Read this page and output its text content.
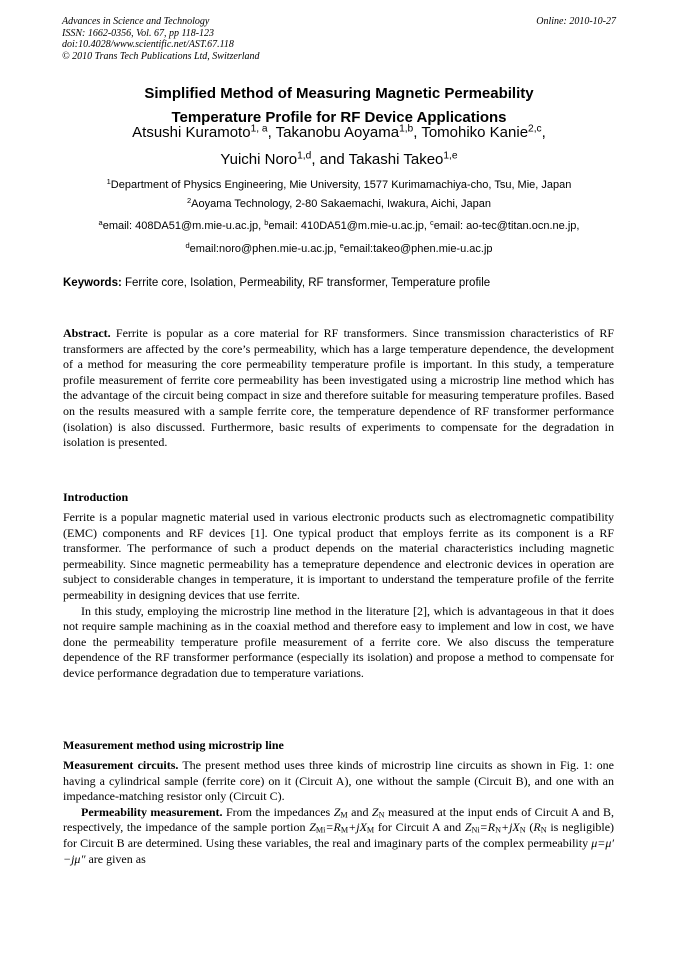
Advances in Science and Technology	Online: 2010-10-27
ISSN: 1662-0356, Vol. 67, pp 118-123
doi:10.4028/www.scientific.net/AST.67.118
© 2010 Trans Tech Publications Ltd, Switzerland
Simplified Method of Measuring Magnetic Permeability
Temperature Profile for RF Device Applications
Atsushi Kuramoto$^{1, a}$, Takanobu Aoyama$^{1,b}$, Tomohiko Kanie$^{2,c}$,
Yuichi Noro$^{1,d}$, and Takashi Takeo$^{1,e}$
$^1$Department of Physics Engineering, Mie University, 1577 Kurimamachiya-cho, Tsu, Mie, Japan
$^2$Aoyama Technology, 2-80 Sakaemachi, Iwakura, Aichi, Japan
$^a$email: 408DA51@m.mie-u.ac.jp, $^b$email: 410DA51@m.mie-u.ac.jp, $^c$email: ao-tec@titan.ocn.ne.jp,
$^d$email:noro@phen.mie-u.ac.jp, $^e$email:takeo@phen.mie-u.ac.jp
Keywords: Ferrite core, Isolation, Permeability, RF transformer, Temperature profile

Abstract. Ferrite is popular as a core material for RF transformers. Since transmission characteristics of RF transformers are affected by the core’s permeability, which has a large temperature dependence, the development of a method for measuring the core permeability temperature profile is important. In this study, a temperature profile measurement of ferrite core permeability has been investigated using a microstrip line method which has the advantage of the circuit being compact in size and therefore suitable for measuring temperature profiles. Based on the results measured with a sample ferrite core, the temperature dependence of RF transformer performance (isolation) is also discussed. Furthermore, basic results of experiments to compensate for the degradation in isolation is presented.

Introduction

Ferrite is a popular magnetic material used in various electronic products such as electromagnetic compatibility (EMC) components and RF devices [1]. One typical product that employs ferrite as its component is a RF transformer. The performance of such a product depends on the material characteristics including magnetic permeability. Since magnetic permeability has a temeprature dependence and electronic devices in operation are subject to considerable changes in temperature, it is important to understand the temperature profile of the ferrite permeability in designing devices that use ferrite.

In this study, employing the microstrip line method in the literature [2], which is advantageous in that it does not require sample machining as in the coaxial method and therefore easy to implement and low in cost, we have done the permeability temperature profile measurement of a ferrite core. We also discuss the temperature dependence of the RF transformer performance (especially its isolation) and propose a method to compensate for device performance degradation due to temperature variations.

Measurement method using microstrip line

Measurement circuits. The present method uses three kinds of microstrip line circuits as shown in Fig. 1: one having a cylindrical sample (ferrite core) on it (Circuit A), one without the sample (Circuit B), and one with an impedance-matching resistor only (Circuit C).

Permeability measurement. From the impedances $Z_M$ and $Z_N$ measured at the input ends of Circuit A and B, respectively, the impedance of the sample portion $Z_{Mi}=R_M+jX_M$ for Circuit A and $Z_{Ni}=R_N+jX_N$ ($R_N$ is negligible) for Circuit B are determined. Using these variables, the real and imaginary parts of the complex permeability μ=μ′−jμ″ are given as
